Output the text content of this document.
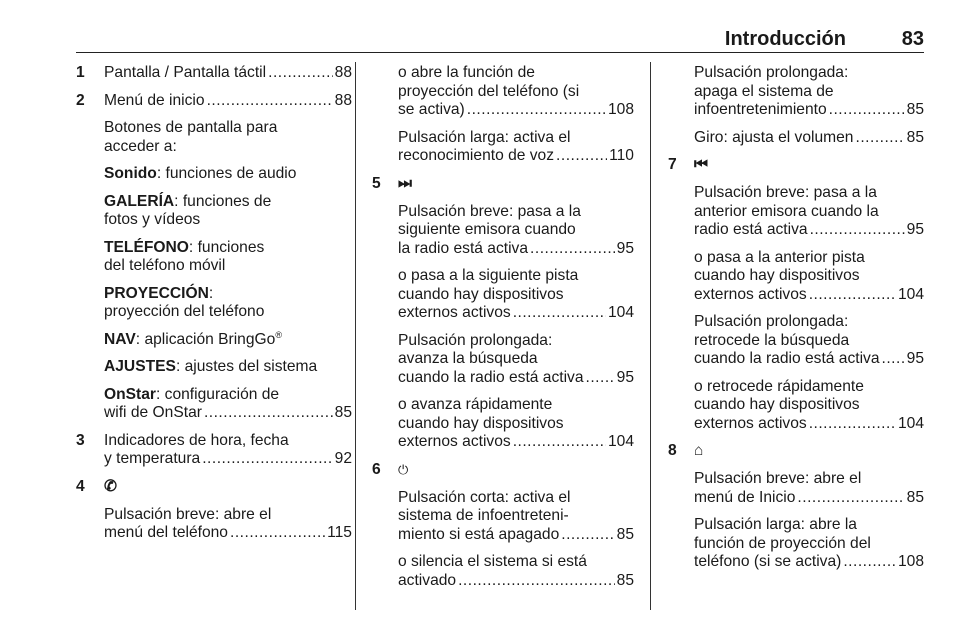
Introducción	83
1 Pantalla / Pantalla táctil .....	88
2 Menú de inicio .....	88
Botones de pantalla para
acceder a:
Sonido: funciones de audio
GALERÍA: funciones de
fotos y vídeos
TELÉFONO: funciones
del teléfono móvil
PROYECCIÓN:
proyección del teléfono
NAV: aplicación BringGo®
AJUSTES: ajustes del sistema
OnStar: configuración de
wifi de OnStar .....	85
3 Indicadores de hora, fecha
y temperatura .....	92
4 ✆
Pulsación breve: abre el
menú del teléfono .....	115
o abre la función de
proyección del teléfono (si
se activa) .....	108
Pulsación larga: activa el
reconocimiento de voz .....	110
5 ⏭
Pulsación breve: pasa a la
siguiente emisora cuando
la radio está activa .....	95
o pasa a la siguiente pista
cuando hay dispositivos
externos activos .....	104
Pulsación prolongada:
avanza la búsqueda
cuando la radio está activa ..... 95
o avanza rápidamente
cuando hay dispositivos
externos activos .....	104
6 ⏻
Pulsación corta: activa el
sistema de infoentreteni-
miento si está apagado .....	85
o silencia el sistema si está
activado .....	85
Pulsación prolongada:
apaga el sistema de
infoentretenimiento .....	85
Giro: ajusta el volumen .....	85
7 ⏮
Pulsación breve: pasa a la
anterior emisora cuando la
radio está activa .....	95
o pasa a la anterior pista
cuando hay dispositivos
externos activos .....	104
Pulsación prolongada:
retrocede la búsqueda
cuando la radio está activa ..... 95
o retrocede rápidamente
cuando hay dispositivos
externos activos .....	104
8 ⌂
Pulsación breve: abre el
menú de Inicio .....	85
Pulsación larga: abre la
función de proyección del
teléfono (si se activa) .....	108
